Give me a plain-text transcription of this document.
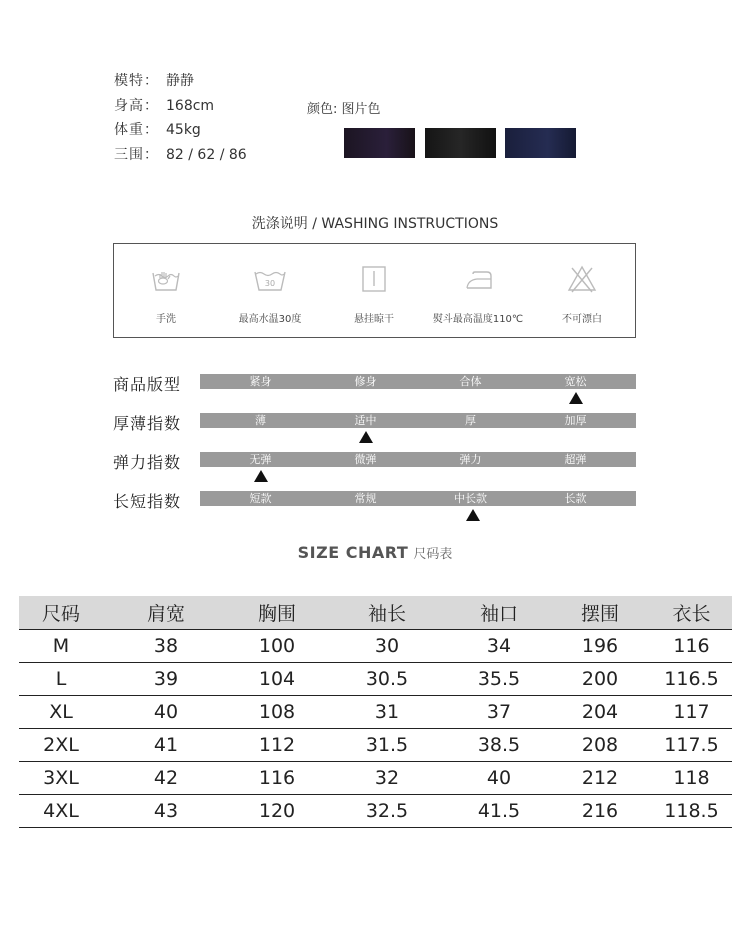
模特： 静静
身高： 168cm
体重： 45kg
三围： 82 / 62 / 86
颜色: 图片色
洗涤说明 / WASHING INSTRUCTIONS
手洗
30
最高水温30度	悬挂晾干	熨斗最高温度110℃	不可漂白
商品版型	紧身	修身	合体	宽松
厚薄指数	薄	适中	厚	加厚
弹力指数	无弹	微弹	弹力	超弹
长短指数	短款	常规	中长款	长款
SIZE CHART 尺码表
尺码	肩宽	胸围	袖长	袖口	摆围	衣长
M	38	100	30	34	196	116
L	39	104	30.5	35.5	200	116.5
XL	40	108	31	37	204	117
2XL	41	112	31.5	38.5	208	117.5
3XL	42	116	32	40	212	118
4XL	43	120	32.5	41.5	216	118.5
